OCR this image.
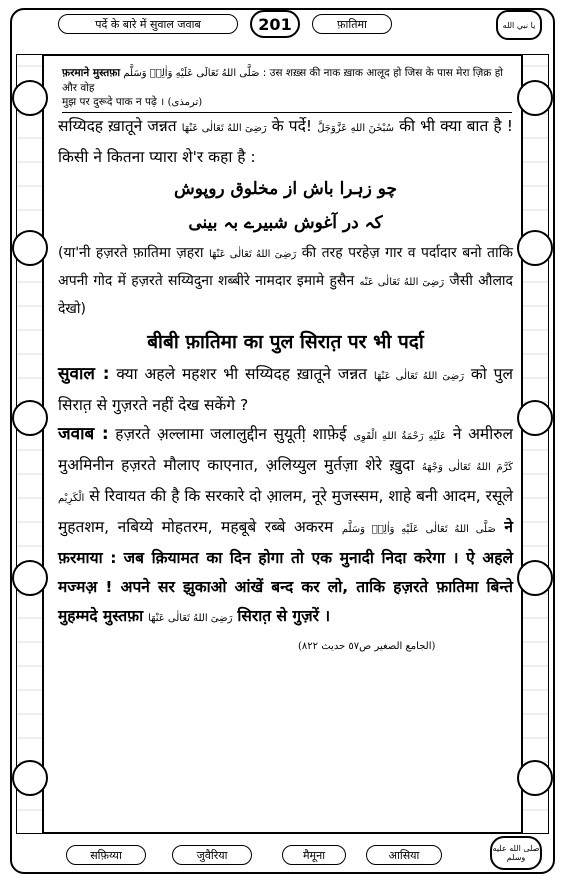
पर्दे के बारे में सुवाल जवाब	201	फ़ातिमा	يا نبي الله
फ़रमाने मुस्तफ़ा صَلَّى اللهُ تَعَالَى عَلَيْهِ وَاٰلِهٖ وَسَلَّم : उस शख़्स की नाक ख़ाक आलूद हो जिस के पास मेरा ज़िक्र हो और वोह
मुझ पर दुरूदे पाक न पढ़े । (ترمذی)

सय्यिदह ख़ातूने जन्नत رَضِیَ اللهُ تَعَالٰی عَنْهَا के पर्दे! سُبْحٰنَ اللهِ عَزَّوَجَلَّ की भी क्या बात है ! किसी ने कितना प्यारा शे'र कहा है :

چو زہرا باش از مخلوق روپوش

کہ در آغوش شبیرے بہ بینی

(या'नी हज़रते फ़ातिमा ज़हरा رَضِیَ اللهُ تَعَالٰی عَنْهَا की तरह परहेज़ गार व पर्दादार बनो ताकि अपनी गोद में हज़रते सय्यिदुना शब्बीरे नामदार इमामे हुसैन رَضِیَ اللهُ تَعَالٰی عَنْه जैसी औलाद देखो)

बीबी फ़ातिमा का पुल सिरात़ पर भी पर्दा

सुवाल : क्या अहले महशर भी सय्यिदह ख़ातूने जन्नत رَضِیَ اللهُ تَعَالٰی عَنْهَا को पुल सिरात़ से गुज़रते नहीं देख सकेंगे ?

जवाब : हज़रते अ़ल्लामा जलालुद्दीन सुयूती़ शाफ़ेई عَلَیْهِ رَحْمَةُ اللهِ الْقَوِی ने अमीरुल मुअमिनीन हज़रते मौलाए काएनात, अ़लिय्युल मुर्तज़ा शेरे ख़ुदा كَرَّمَ اللهُ تَعَالٰی وَجْهَهُ الْكَرِيْم से रिवायत की है कि सरकारे दो आ़लम, नूरे मुजस्सम, शाहे बनी आदम, रसूले मुहतशम, नबिय्ये मोहतरम, महबूबे रब्बे अकरम صَلَّى اللهُ تَعَالٰی عَلَیْهِ وَاٰلِهٖ وَسَلَّم ने फ़रमाया : जब क़ियामत का दिन होगा तो एक मुनादी निदा करेगा । ऐ अहले मज्मअ़ ! अपने सर झुकाओ आंखें बन्द कर लो, ताकि हज़रते फ़ातिमा बिन्ते मुहम्मदे मुस्तफ़ा رَضِیَ اللهُ تَعَالٰی عَنْهَا सिरात़ से गुज़रें ।

(الجامع الصغير ص٥٧ حديث ٨٢٢)
सफ़िय्या	जुवैरिया	मैमूना	आसिया	صلى الله عليه وسلم
